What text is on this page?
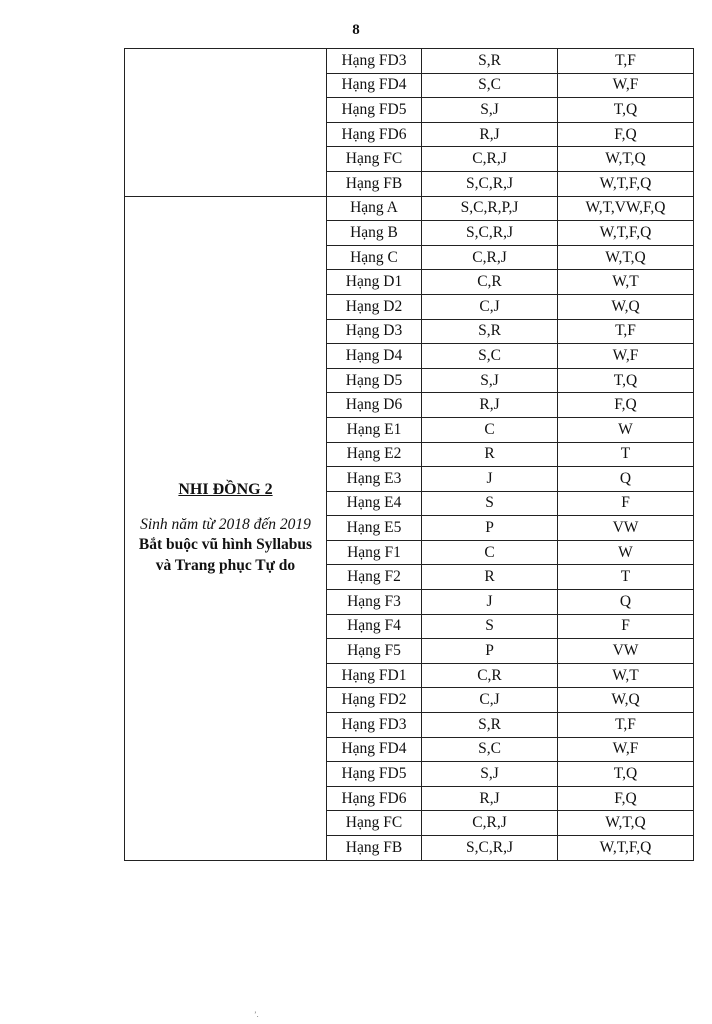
8
	Hạng FD3	S,R	T,F
	Hạng FD4	S,C	W,F
	Hạng FD5	S,J	T,Q
	Hạng FD6	R,J	F,Q
	Hạng FC	C,R,J	W,T,Q
	Hạng FB	S,C,R,J	W,T,F,Q

NHI ĐỒNG 2
Sinh năm từ 2018 đến 2019
Bắt buộc vũ hình Syllabus
và Trang phục Tự do	Hạng A	S,C,R,P,J	W,T,VW,F,Q
	Hạng B	S,C,R,J	W,T,F,Q
	Hạng C	C,R,J	W,T,Q
	Hạng D1	C,R	W,T
	Hạng D2	C,J	W,Q
	Hạng D3	S,R	T,F
	Hạng D4	S,C	W,F
	Hạng D5	S,J	T,Q
	Hạng D6	R,J	F,Q
	Hạng E1	C	W
	Hạng E2	R	T
	Hạng E3	J	Q
	Hạng E4	S	F
	Hạng E5	P	VW
	Hạng F1	C	W
	Hạng F2	R	T
	Hạng F3	J	Q
	Hạng F4	S	F
	Hạng F5	P	VW
	Hạng FD1	C,R	W,T
	Hạng FD2	C,J	W,Q
	Hạng FD3	S,R	T,F
	Hạng FD4	S,C	W,F
	Hạng FD5	S,J	T,Q
	Hạng FD6	R,J	F,Q
	Hạng FC	C,R,J	W,T,Q
	Hạng FB	S,C,R,J	W,T,F,Q
’.
